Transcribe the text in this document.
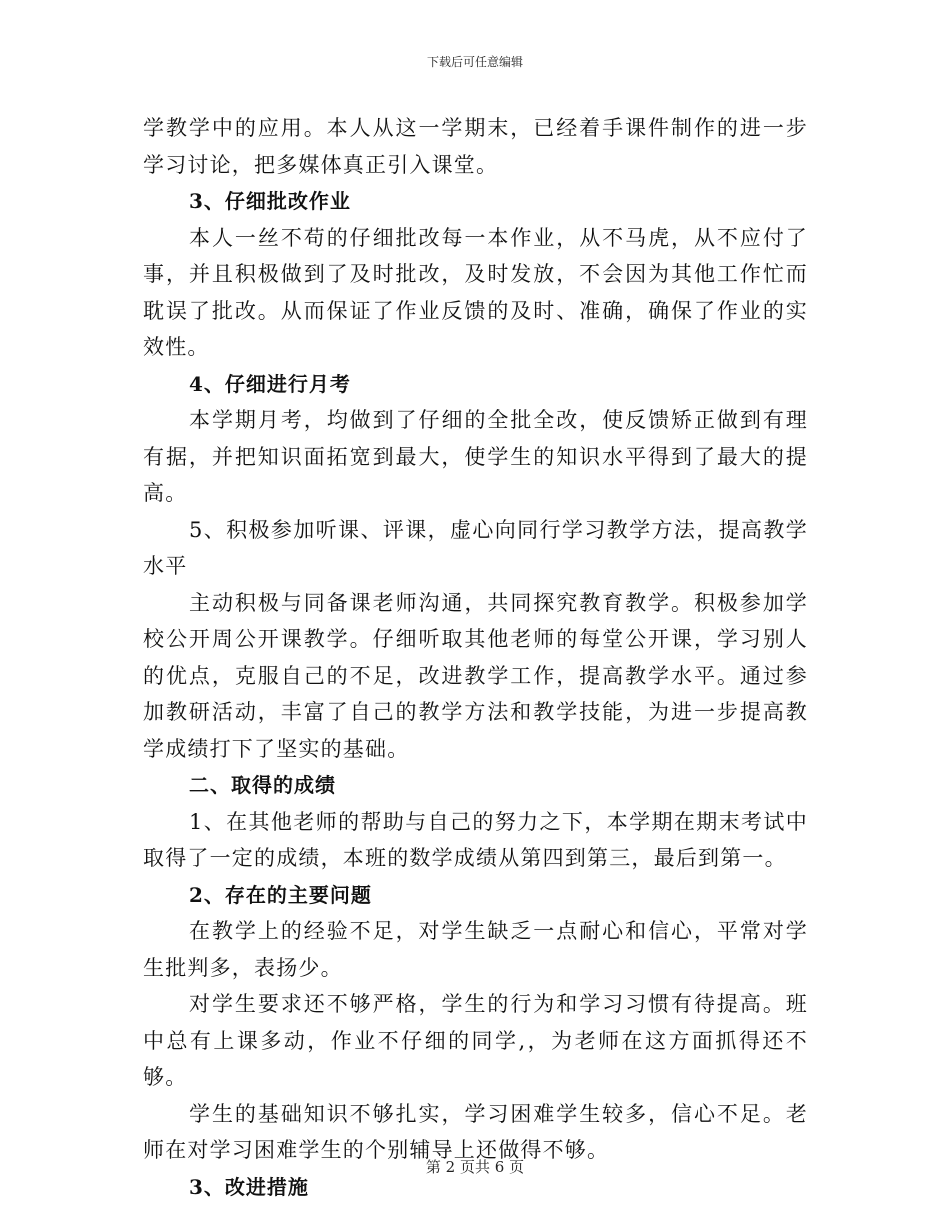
下载后可任意编辑

学教学中的应用。本人从这一学期末，已经着手课件制作的进一步学习讨论，把多媒体真正引入课堂。

3、仔细批改作业

本人一丝不苟的仔细批改每一本作业，从不马虎，从不应付了事，并且积极做到了及时批改，及时发放，不会因为其他工作忙而耽误了批改。从而保证了作业反馈的及时、准确，确保了作业的实效性。

4、仔细进行月考

本学期月考，均做到了仔细的全批全改，使反馈矫正做到有理有据，并把知识面拓宽到最大，使学生的知识水平得到了最大的提高。

5、积极参加听课、评课，虚心向同行学习教学方法，提高教学水平

主动积极与同备课老师沟通，共同探究教育教学。积极参加学校公开周公开课教学。仔细听取其他老师的每堂公开课，学习别人的优点，克服自己的不足，改进教学工作，提高教学水平。通过参加教研活动，丰富了自己的教学方法和教学技能，为进一步提高教学成绩打下了坚实的基础。

二、取得的成绩

1、在其他老师的帮助与自己的努力之下，本学期在期末考试中取得了一定的成绩，本班的数学成绩从第四到第三，最后到第一。

2、存在的主要问题

在教学上的经验不足，对学生缺乏一点耐心和信心，平常对学生批判多，表扬少。

对学生要求还不够严格，学生的行为和学习习惯有待提高。班中总有上课多动，作业不仔细的同学,，为老师在这方面抓得还不够。

学生的基础知识不够扎实，学习困难学生较多，信心不足。老师在对学习困难学生的个别辅导上还做得不够。

3、改进措施

第 2 页共 6 页
